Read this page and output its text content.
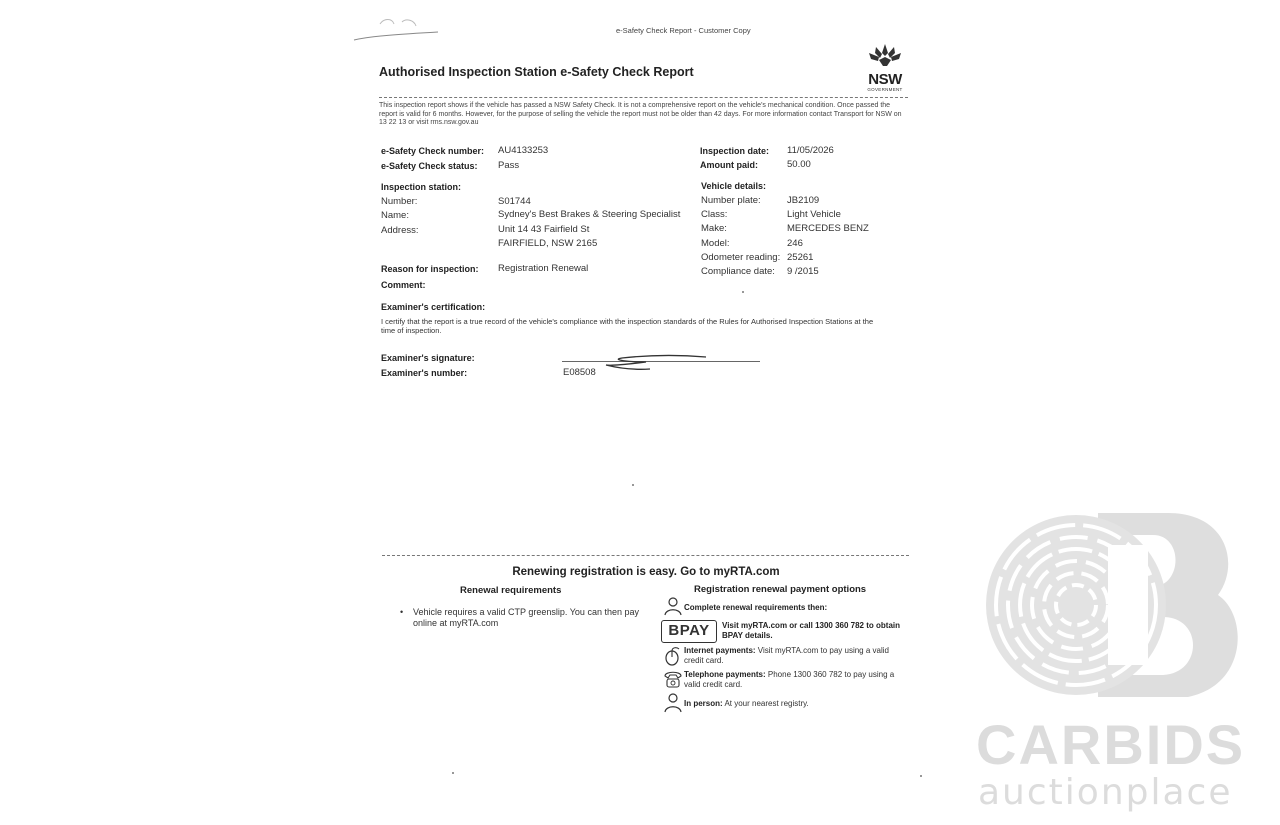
CARBIDS
auctionplace
e-Safety Check Report - Customer Copy
Authorised Inspection Station e-Safety Check Report	NSW
GOVERNMENT
This inspection report shows if the vehicle has passed a NSW Safety Check. It is not a comprehensive report on the vehicle's mechanical condition. Once passed the report is valid for 6 months. However, for the purpose of selling the vehicle the report must not be older than 42 days. For more information contact Transport for NSW on 13 22 13 or visit rms.nsw.gov.au
e-Safety Check number: AU4133253
e-Safety Check status: Pass
Inspection date: 11/05/2026
Amount paid:	50.00
Inspection station:
Number:	S01744
Name:	Sydney's Best Brakes & Steering Specialist
Address:	Unit 14 43 Fairfield St
FAIRFIELD, NSW 2165
Vehicle details:
Number plate:	JB2109
Class:	Light Vehicle
Make:	MERCEDES BENZ
Model:	246
Odometer reading: 25261
Compliance date: 9 /2015
Reason for inspection: Registration Renewal
Comment:
Examiner's certification:
I certify that the report is a true record of the vehicle's compliance with the inspection standards of the Rules for Authorised Inspection Stations at the time of inspection.
Examiner's signature:
Examiner's number:	E08508
Renewing registration is easy. Go to myRTA.com
Renewal requirements	Registration renewal payment options
• Vehicle requires a valid CTP greenslip. You can then pay online at myRTA.com
Complete renewal requirements then:
BPAY	Visit myRTA.com or call 1300 360 782 to obtain BPAY details.
Internet payments: Visit myRTA.com to pay using a valid credit card.
Telephone payments: Phone 1300 360 782 to pay using a valid credit card.
In person: At your nearest registry.
